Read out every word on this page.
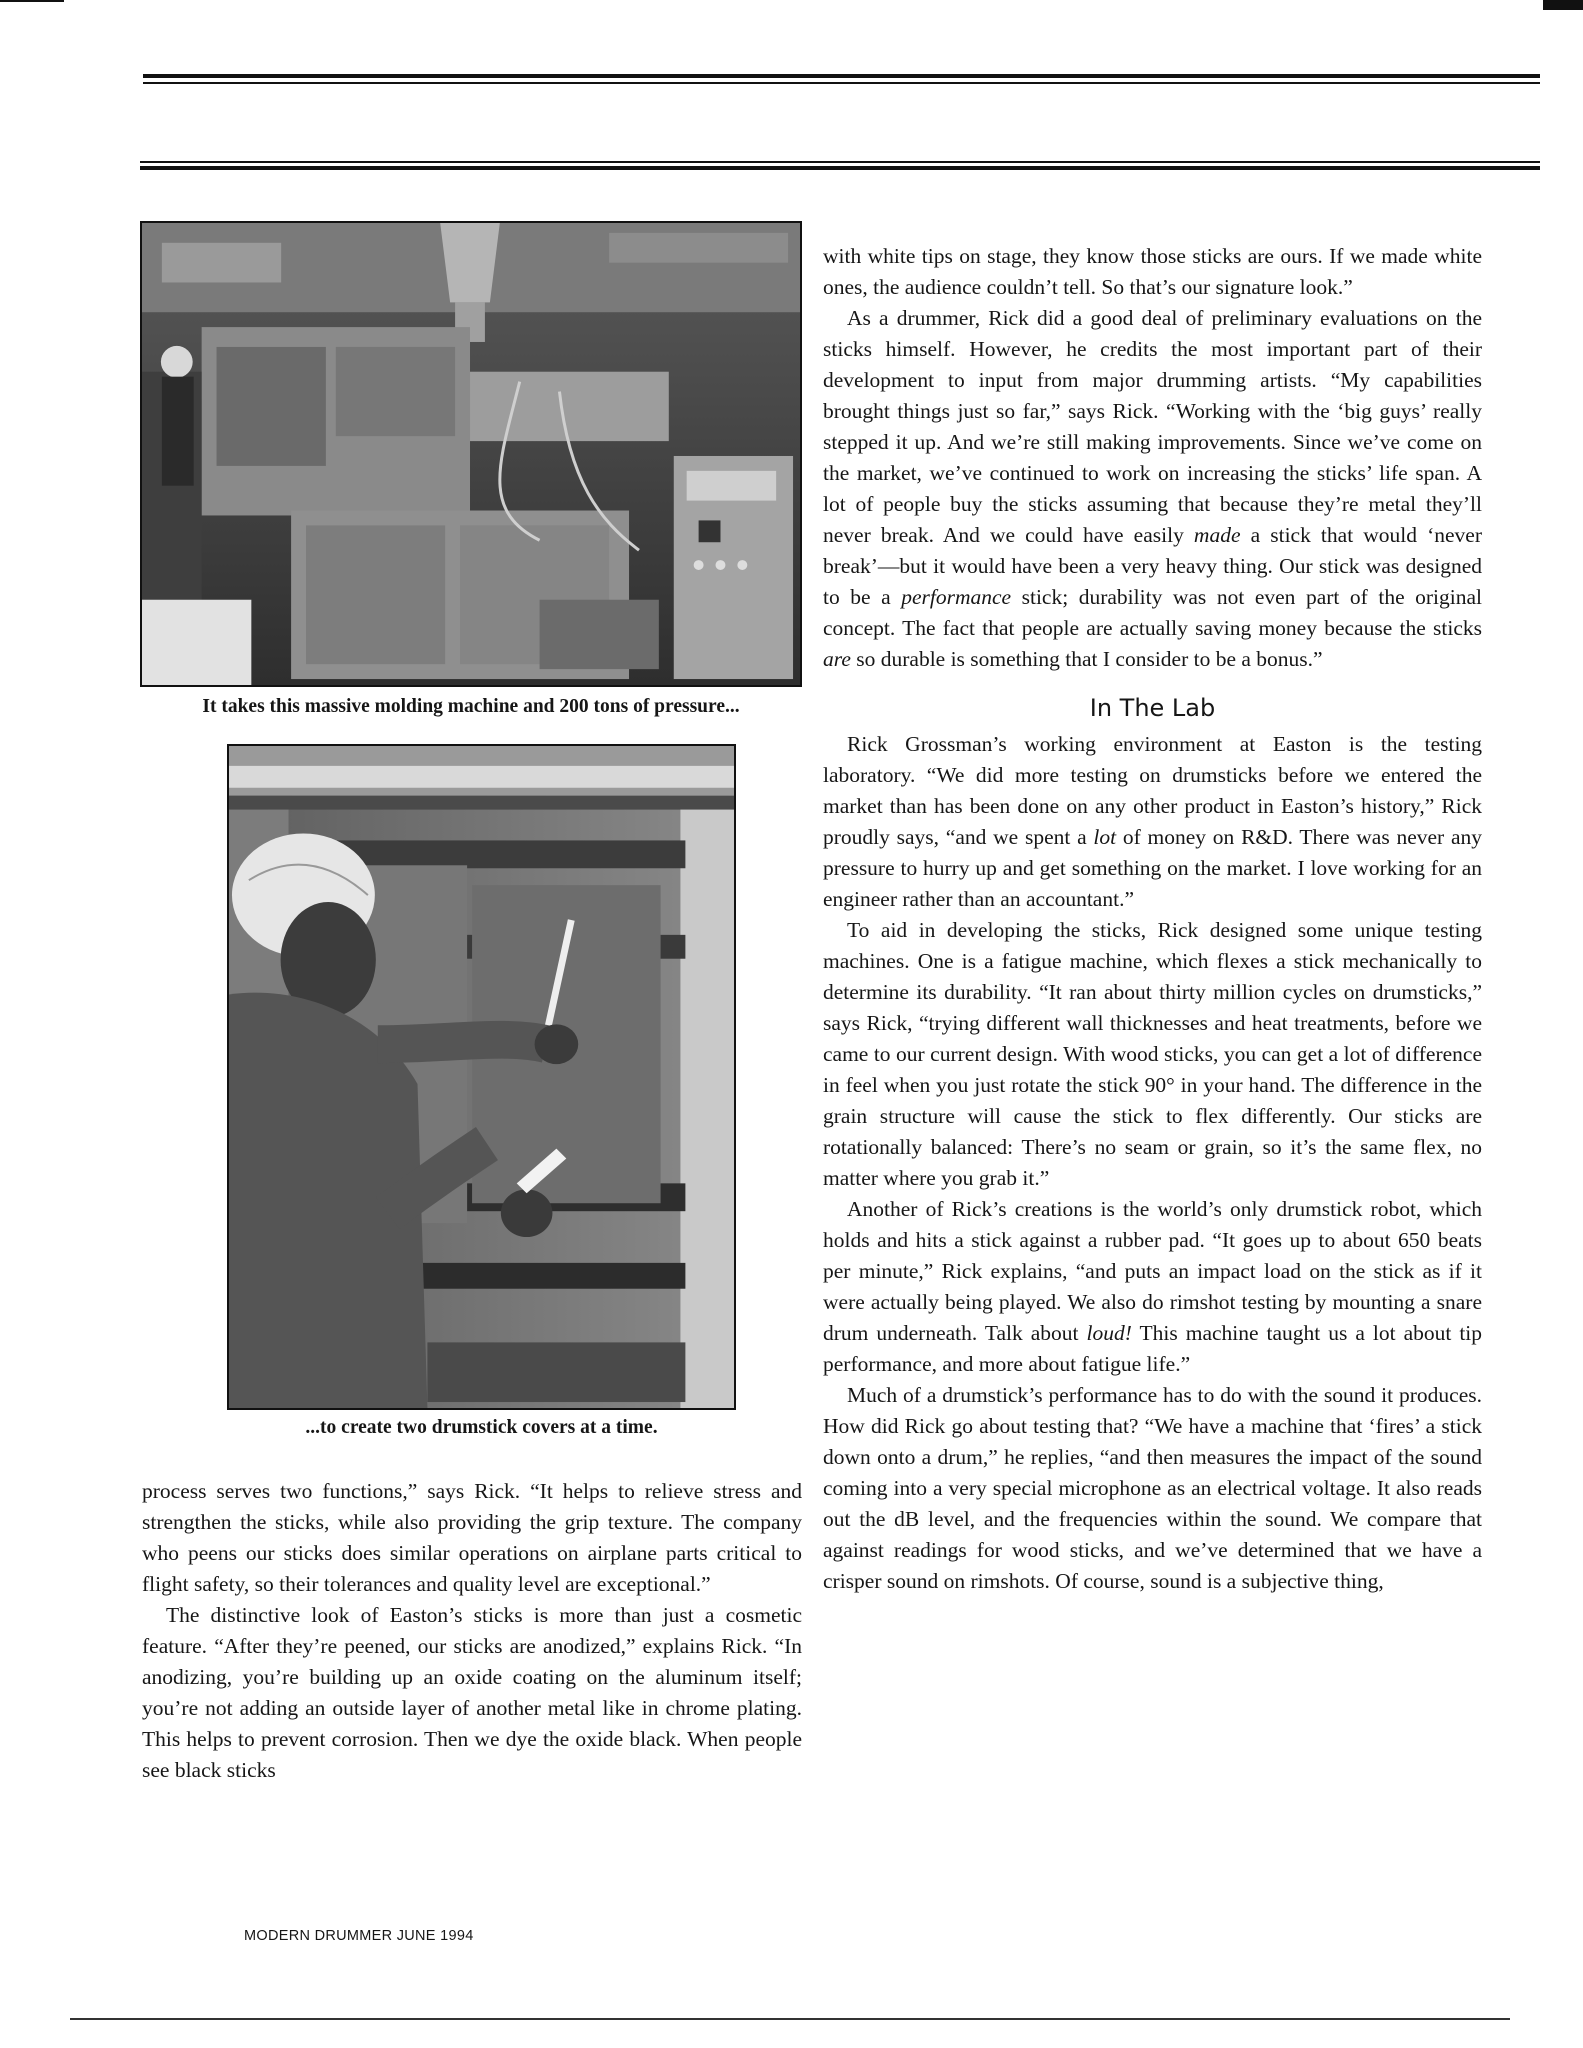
It takes this massive molding machine and 200 tons of pressure...
...to create two drumstick covers at a time.

process serves two functions,” says Rick. “It helps to relieve stress and strengthen the sticks, while also providing the grip texture. The company who peens our sticks does similar operations on airplane parts critical to flight safety, so their tolerances and quality level are exceptional.”

The distinctive look of Easton’s sticks is more than just a cosmetic feature. “After they’re peened, our sticks are anodized,” explains Rick. “In anodizing, you’re building up an oxide coating on the aluminum itself; you’re not adding an outside layer of another metal like in chrome plating. This helps to prevent corrosion. Then we dye the oxide black. When people see black sticks

with white tips on stage, they know those sticks are ours. If we made white ones, the audience couldn’t tell. So that’s our signature look.”

As a drummer, Rick did a good deal of preliminary evaluations on the sticks himself. However, he credits the most important part of their development to input from major drumming artists. “My capabilities brought things just so far,” says Rick. “Working with the ‘big guys’ really stepped it up. And we’re still making improvements. Since we’ve come on the market, we’ve continued to work on increasing the sticks’ life span. A lot of people buy the sticks assuming that because they’re metal they’ll never break. And we could have easily made a stick that would ‘never break’—but it would have been a very heavy thing. Our stick was designed to be a performance stick; durability was not even part of the original concept. The fact that people are actually saving money because the sticks are so durable is something that I consider to be a bonus.”

In The Lab

Rick Grossman’s working environment at Easton is the testing laboratory. “We did more testing on drumsticks before we entered the market than has been done on any other product in Easton’s history,” Rick proudly says, “and we spent a lot of money on R&D. There was never any pressure to hurry up and get something on the market. I love working for an engineer rather than an accountant.”

To aid in developing the sticks, Rick designed some unique testing machines. One is a fatigue machine, which flexes a stick mechanically to determine its durability. “It ran about thirty million cycles on drumsticks,” says Rick, “trying different wall thicknesses and heat treatments, before we came to our current design. With wood sticks, you can get a lot of difference in feel when you just rotate the stick 90° in your hand. The difference in the grain structure will cause the stick to flex differently. Our sticks are rotationally balanced: There’s no seam or grain, so it’s the same flex, no matter where you grab it.”

Another of Rick’s creations is the world’s only drumstick robot, which holds and hits a stick against a rubber pad. “It goes up to about 650 beats per minute,” Rick explains, “and puts an impact load on the stick as if it were actually being played. We also do rimshot testing by mounting a snare drum underneath. Talk about loud! This machine taught us a lot about tip performance, and more about fatigue life.”

Much of a drumstick’s performance has to do with the sound it produces. How did Rick go about testing that? “We have a machine that ‘fires’ a stick down onto a drum,” he replies, “and then measures the impact of the sound coming into a very special microphone as an electrical voltage. It also reads out the dB level, and the frequencies within the sound. We compare that against readings for wood sticks, and we’ve determined that we have a crisper sound on rimshots. Of course, sound is a subjective thing,

MODERN DRUMMER JUNE 1994
